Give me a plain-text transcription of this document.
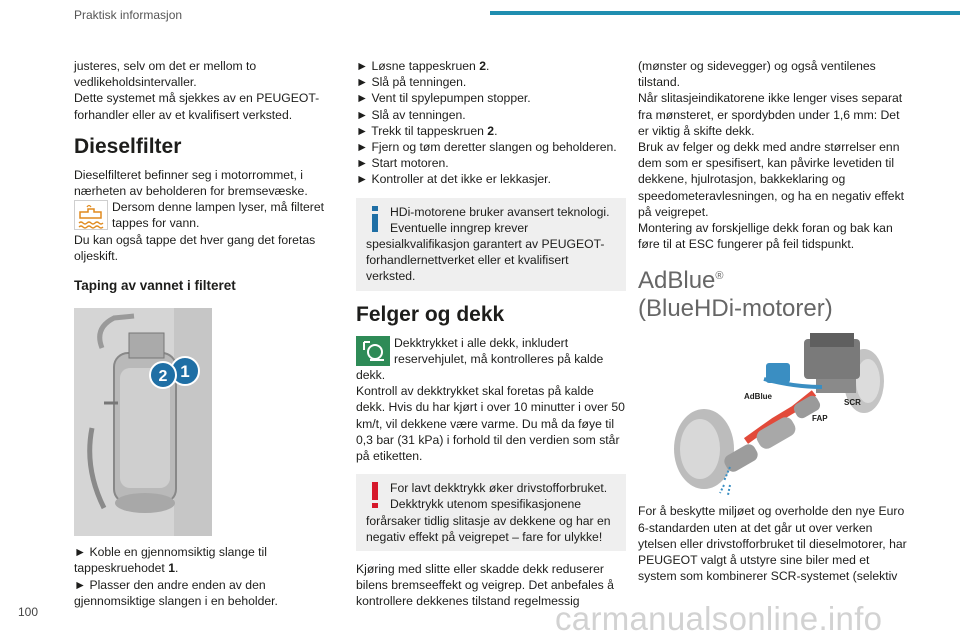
Praktisk informasjon

justeres, selv om det er mellom to vedlikeholdsintervaller.

Dette systemet må sjekkes av en PEUGEOT-forhandler eller av et kvalifisert verksted.

Dieselfilter

Dieselfilteret befinner seg i motorrommet, i nærheten av beholderen for bremsevæske.

Dersom denne lampen lyser, må filteret tappes for vann.

Du kan også tappe det hver gang det foretas oljeskift.

Taping av vannet i filteret
1
2

► Koble en gjennomsiktig slange til tappeskruehodet 1.

► Plasser den andre enden av den gjennomsiktige slangen i en beholder.

► Løsne tappeskruen 2.

► Slå på tenningen.

► Vent til spylepumpen stopper.

► Slå av tenningen.

► Trekk til tappeskruen 2.

► Fjern og tøm deretter slangen og beholderen.

► Start motoren.

► Kontroller at det ikke er lekkasjer.

HDi-motorene bruker avansert teknologi. Eventuelle inngrep krever spesialkvalifikasjon garantert av PEUGEOT-forhandlernettverket eller et kvalifisert verksted.
Felger og dekk
Dekktrykket i alle dekk, inkludert reservehjulet, må kontrolleres på kalde dekk.

Kontroll av dekktrykket skal foretas på kalde dekk. Hvis du har kjørt i over 10 minutter i over 50 km/t, vil dekkene være varme. Du må da føye til 0,3 bar (31 kPa) i forhold til den verdien som står på etiketten.

For lavt dekktrykk øker drivstofforbruket. Dekktrykk utenom spesifikasjonene forårsaker tidlig slitasje av dekkene og har en negativ effekt på veigrepet – fare for ulykke!

Kjøring med slitte eller skadde dekk reduserer bilens bremseeffekt og veigrep. Det anbefales å kontrollere dekkenes tilstand regelmessig

(mønster og sidevegger) og også ventilenes tilstand.

Når slitasjeindikatorene ikke lenger vises separat fra mønsteret, er spordybden under 1,6 mm: Det er viktig å skifte dekk.

Bruk av felger og dekk med andre størrelser enn dem som er spesifisert, kan påvirke levetiden til dekkene, hjulrotasjon, bakkeklaring og speedometeravlesningen, og ha en negativ effekt på veigrepet.

Montering av forskjellige dekk foran og bak kan føre til at ESC fungerer på feil tidspunkt.

AdBlue®
(BlueHDi-motorer)
AdBlue
SCR
FAP

For å beskytte miljøet og overholde den nye Euro 6-standarden uten at det går ut over verken ytelsen eller drivstofforbruket til dieselmotorer, har PEUGEOT valgt å utstyre sine biler med et system som kombinerer SCR-systemet (selektiv

100	carmanualsonline.info
